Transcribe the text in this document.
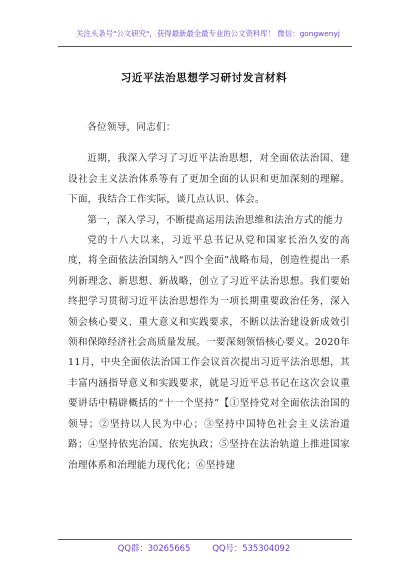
关注头条号"公文研究"，获得最新最全最专业的公文资料库！ 微信：gongwenyj
习近平法治思想学习研讨发言材料

各位领导，同志们：

近期，我深入学习了习近平法治思想，对全面依法治国、建设社会主义法治体系等有了更加全面的认识和更加深刻的理解。下面，我结合工作实际，谈几点认识、体会。

第一，深入学习，不断提高运用法治思维和法治方式的能力

党的十八大以来，习近平总书记从党和国家长治久安的高度，将全面依法治国纳入“四个全面”战略布局，创造性提出一系列新理念、新思想、新战略，创立了习近平法治思想。我们要始终把学习贯彻习近平法治思想作为一项长期重要政治任务，深入领会核心要义、重大意义和实践要求，不断以法治建设新成效引领和保障经济社会高质量发展。一要深刻领悟核心要义。2020年11月，中央全面依法治国工作会议首次提出习近平法治思想，其丰富内涵指导意义和实践要求，就是习近平总书记在这次会议重要讲话中精辟概括的“十一个坚持”【①坚持党对全面依法治国的领导；②坚持以人民为中心；③坚持中国特色社会主义法治道路；④坚持依宪治国、依宪执政；⑤坚持在法治轨道上推进国家治理体系和治理能力现代化；⑥坚持建

QQ群：30265665	QQ号：535304092
